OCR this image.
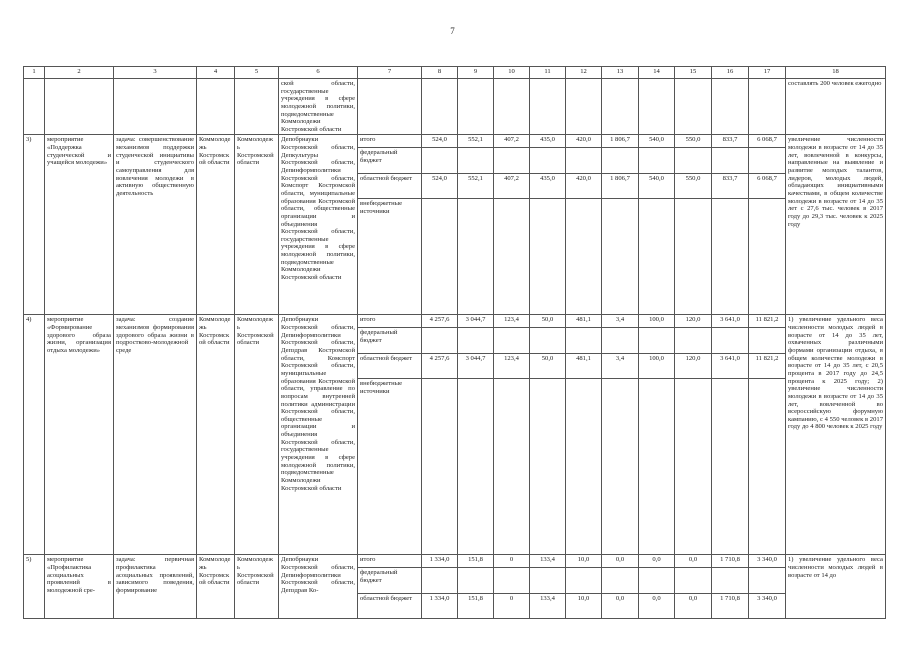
7
1	2	3	4	5	6	7	8	9	10	11	12	13	14	15	16	17	18
					ской области, государственные учреждения в сфере молодежной политики, подведомственные Коммолодежи Костромской области												составлять 200 человек ежегодно
3)	мероприятие «Поддержка студенческой и учащейся молодежи»	задача: совершенствование механизмов поддержки студенческой инициативы и студенческого самоуправления для вовлечения молодежи в активную общественную деятельность	Коммолодежь Костромской области	Коммолодежь Костромской области	Депобрнауки Костромской области, Депкультуры Костромской области, Депинформполитики Костромской области, Комспорт Костромской области, муниципальные образования Костромской области, общественные организации и объединения Костромской области, государственные учреждения в сфере молодежной политики, подведомственные Коммолодежи Костромской области	итого	524,0	552,1	407,2	435,0	420,0	1 806,7	540,0	550,0	833,7	6 068,7	увеличение численности молодежи в возрасте от 14 до 35 лет, вовлеченной в конкурсы, направленные на выявление и развитие молодых талантов, лидеров, молодых людей, обладающих инициативными качествами, в общем количестве молодежи в возрасте от 14 до 35 лет с 27,6 тыс. человек в 2017 году до 29,3 тыс. человек к 2025 году
						федеральный бюджет											
						областной бюджет	524,0	552,1	407,2	435,0	420,0	1 806,7	540,0	550,0	833,7	6 068,7	
						внебюджетные источники											
4)	мероприятие «Формирование здорового образа жизни, организация отдыха молодежи»	задача: создание механизмов формирования здорового образа жизни в подростково-молодежной среде	Коммолодежь Костромской области	Коммолодежь Костромской области	Депобрнауки Костромской области, Депинформполитики Костромской области, Депздрав Костромской области, Комспорт Костромской области, муниципальные образования Костромской области, управление по вопросам внутренней политики администрации Костромской области, общественные организации и объединения Костромской области, государственные учреждения в сфере молодежной политики, подведомственные Коммолодежи Костромской области	итого	4 257,6	3 044,7	123,4	50,0	481,1	3,4	100,0	120,0	3 641,0	11 821,2	1) увеличение удельного веса численности молодых людей в возрасте от 14 до 35 лет, охваченных различными формами организации отдыха, в общем количестве молодежи в возрасте от 14 до 35 лет, с 20,5 процента в 2017 году до 24,5 процента к 2025 году; 2) увеличение численности молодежи в возрасте от 14 до 35 лет, вовлеченной во всероссийскую форумную кампанию, с 4 550 человек в 2017 году до 4 800 человек к 2025 году
						федеральный бюджет											
						областной бюджет	4 257,6	3 044,7	123,4	50,0	481,1	3,4	100,0	120,0	3 641,0	11 821,2	
						внебюджетные источники											
5)	мероприятие «Профилактика асоциальных проявлений в молодежной сре-	задача: первичная профилактика асоциальных проявлений, зависимого поведения, формирование	Коммолодежь Костромской области	Коммолодежь Костромской области	Депобрнауки Костромской области, Депинформполитики Костромской области, Депздрав Ко-	итого	1 334,0	151,8	0	133,4	10,0	0,0	0,0	0,0	1 710,8	3 340,0	1) увеличение удельного веса численности молодых людей в возрасте от 14 до
						федеральный бюджет											
						областной бюджет	1 334,0	151,8	0	133,4	10,0	0,0	0,0	0,0	1 710,8	3 340,0	
